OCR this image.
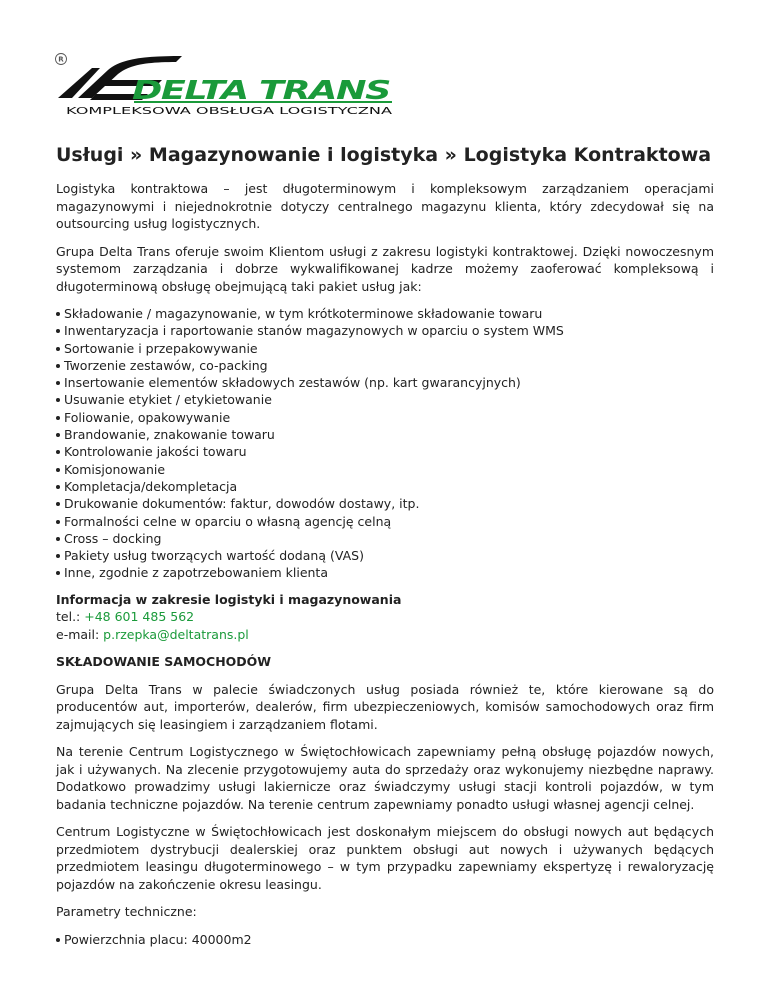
R
DELTA TRANS
KOMPLEKSOWA OBSŁUGA LOGISTYCZNA
Usługi » Magazynowanie i logistyka » Logistyka Kontraktowa

Logistyka kontraktowa – jest długoterminowym i kompleksowym zarządzaniem operacjami magazynowymi i niejednokrotnie dotyczy centralnego magazynu klienta, który zdecydował się na outsourcing usług logistycznych.

Grupa Delta Trans oferuje swoim Klientom usługi z zakresu logistyki kontraktowej. Dzięki nowoczesnym systemom zarządzania i dobrze wykwalifikowanej kadrze możemy zaoferować kompleksową i długoterminową obsługę obejmującą taki pakiet usług jak:

Składowanie / magazynowanie, w tym krótkoterminowe składowanie towaru
Inwentaryzacja i raportowanie stanów magazynowych w oparciu o system WMS
Sortowanie i przepakowywanie
Tworzenie zestawów, co-packing
Insertowanie elementów składowych zestawów (np. kart gwarancyjnych)
Usuwanie etykiet / etykietowanie
Foliowanie, opakowywanie
Brandowanie, znakowanie towaru
Kontrolowanie jakości towaru
Komisjonowanie
Kompletacja/dekompletacja
Drukowanie dokumentów: faktur, dowodów dostawy, itp.
Formalności celne w oparciu o własną agencję celną
Cross – docking
Pakiety usług tworzących wartość dodaną (VAS)
Inne, zgodnie z zapotrzebowaniem klienta
Informacja w zakresie logistyki i magazynowania
tel.: +48 601 485 562
e-mail: p.rzepka@deltatrans.pl
SKŁADOWANIE SAMOCHODÓW

Grupa Delta Trans w palecie świadczonych usług posiada również te, które kierowane są do producentów aut, importerów, dealerów, firm ubezpieczeniowych, komisów samochodowych oraz firm zajmujących się leasingiem i zarządzaniem flotami.

Na terenie Centrum Logistycznego w Świętochłowicach zapewniamy pełną obsługę pojazdów nowych, jak i używanych. Na zlecenie przygotowujemy auta do sprzedaży oraz wykonujemy niezbędne naprawy. Dodatkowo prowadzimy usługi lakiernicze oraz świadczymy usługi stacji kontroli pojazdów, w tym badania techniczne pojazdów. Na terenie centrum zapewniamy ponadto usługi własnej agencji celnej.

Centrum Logistyczne w Świętochłowicach jest doskonałym miejscem do obsługi nowych aut będących przedmiotem dystrybucji dealerskiej oraz punktem obsługi aut nowych i używanych będących przedmiotem leasingu długoterminowego – w tym przypadku zapewniamy ekspertyzę i rewaloryzację pojazdów na zakończenie okresu leasingu.

Parametry techniczne:

Powierzchnia placu: 40000m2
